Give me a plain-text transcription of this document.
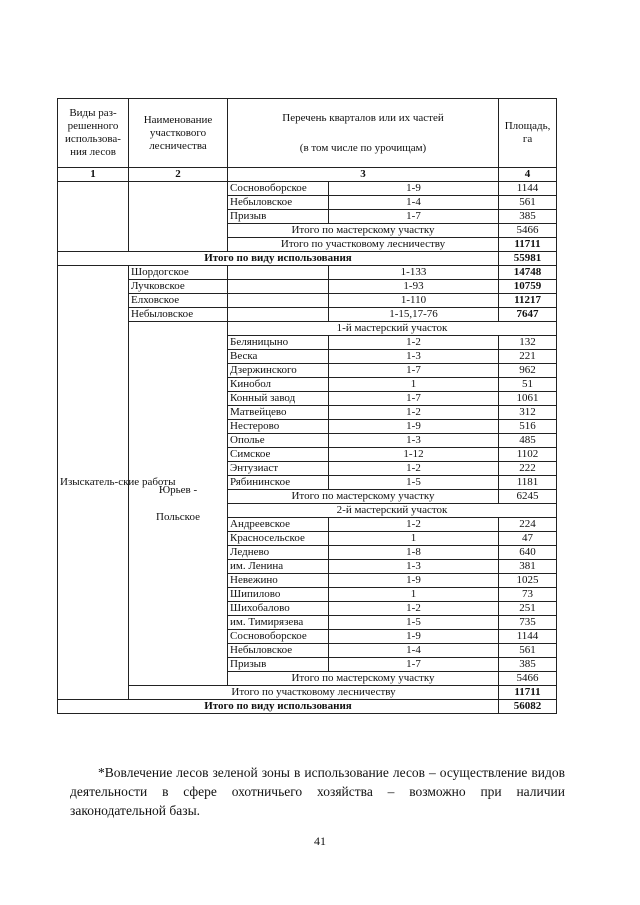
Виды раз-решенного использова-ния лесов	Наименование участкового лесничества	Перечень кварталов или их частей
(в том числе по урочищам)		Площадь, га
1	2	3		4
		Сосновоборское	1-9	1144
		Небыловское	1-4	561
		Призыв	1-7	385
		Итого по мастерскому участку		5466
		Итого по участковому лесничеству		11711
Итого по виду использования				55981
Изыскатель-ские работы	Шордогское		1-133	14748
	Лучковское		1-93	10759
	Елховское		1-110	11217
	Небыловское		1-15,17-76	7647

	Юрьев -
Польское	1-й мастерский участок		
		Беляницыно	1-2	132
		Веска	1-3	221
		Дзержинского	1-7	962
		Кинобол	1	51
		Конный завод	1-7	1061
		Матвейцево	1-2	312
		Нестерово	1-9	516
		Ополье	1-3	485
		Симское	1-12	1102
		Энтузиаст	1-2	222
		Рябининское	1-5	1181
		Итого по мастерскому участку		6245
		2-й мастерский участок		
		Андреевское	1-2	224
		Красносельское	1	47
		Леднево	1-8	640
		им. Ленина	1-3	381
		Невежино	1-9	1025
		Шипилово	1	73
		Шихобалово	1-2	251
		им. Тимирязева	1-5	735
		Сосновоборское	1-9	1144
		Небыловское	1-4	561
		Призыв	1-7	385
		Итого по мастерскому участку		5466
	Итого по участковому лесничеству			11711
Итого по виду использования				56082
*Вовлечение лесов зеленой зоны в использование лесов – осуществление видов деятельности в сфере охотничьего хозяйства – возможно при наличии законодательной базы.
41
